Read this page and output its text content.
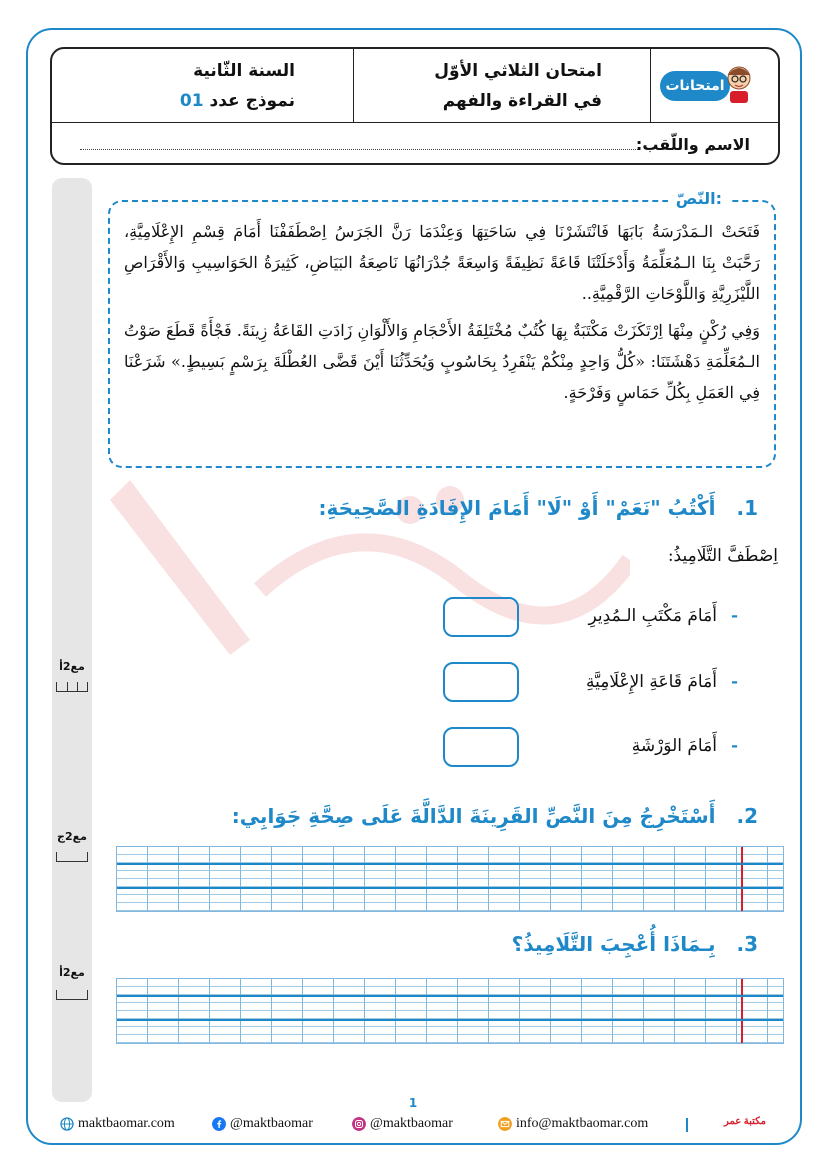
امتحانات
امتحان الثلاثي الأوّل
في القراءة والفهم
السنة الثّانية
نموذج عدد 01
الاسم واللّقب:
مع2أ
مع2ج
مع2أ
النّصّ:

فَتَحَتْ الـمَدْرَسَةُ بَابَهَا فَانْتَشَرْنَا فِي سَاحَتِهَا وَعِنْدَمَا رَنَّ الجَرَسُ اِصْطَفَفْنَا أَمَامَ قِسْمِ الإِعْلَامِيَّةِ، رَحَّبَتْ بِنَا الـمُعَلِّمَةُ وَأَدْخَلَتْنَا قَاعَةً نَظِيفَةً وَاسِعَةً جُدْرَانُهَا نَاصِعَةُ البَيَاضِ، كَثِيرَةُ الحَوَاسِيبِ وَالأَقْرَاصِ اللَّيْزَرِيَّةِ وَاللَّوْحَاتِ الرَّقْمِيَّةِ..

وَفِي رُكْنٍ مِنْهَا اِرْتَكَزَتْ مَكْتَبَةٌ بِهَا كُتُبٌ مُخْتَلِفَةُ الأَحْجَامِ وَالأَلْوَانِ زَادَتِ القَاعَةُ زِينَةً. فَجْأَةً قَطَعَ صَوْتُ الـمُعَلِّمَةِ دَهْشَتَنَا: «كُلُّ وَاحِدٍ مِنْكُمْ يَنْفَرِدُ بِحَاسُوبٍ وَيُحَدِّثُنَا أَيْنَ قَضَّى العُطْلَةَ بِرَسْمٍ بَسِيطٍ.» شَرَعْنَا فِي العَمَلِ بِكُلِّ حَمَاسٍ وَفَرْحَةٍ.

1. أَكْتُبُ "نَعَمْ" أَوْ "لَا" أَمَامَ الإِفَادَةِ الصَّحِيحَةِ:
اِصْطَفَّ التَّلَامِيذُ:
-أَمَامَ مَكْتَبِ الـمُدِيرِ
-أَمَامَ قَاعَةِ الإِعْلَامِيَّةِ
-أَمَامَ الوَرْشَةِ
2. أَسْتَخْرِجُ مِنَ النَّصِّ القَرِينَةَ الدَّالَّةَ عَلَى صِحَّةِ جَوَابِي:
3. بِـمَاذَا أُعْجِبَ التَّلَامِيذُ؟
1
maktbaomar.com	@maktbaomar	@maktbaomar	info@maktbaomar.com	مكتبة عمر
